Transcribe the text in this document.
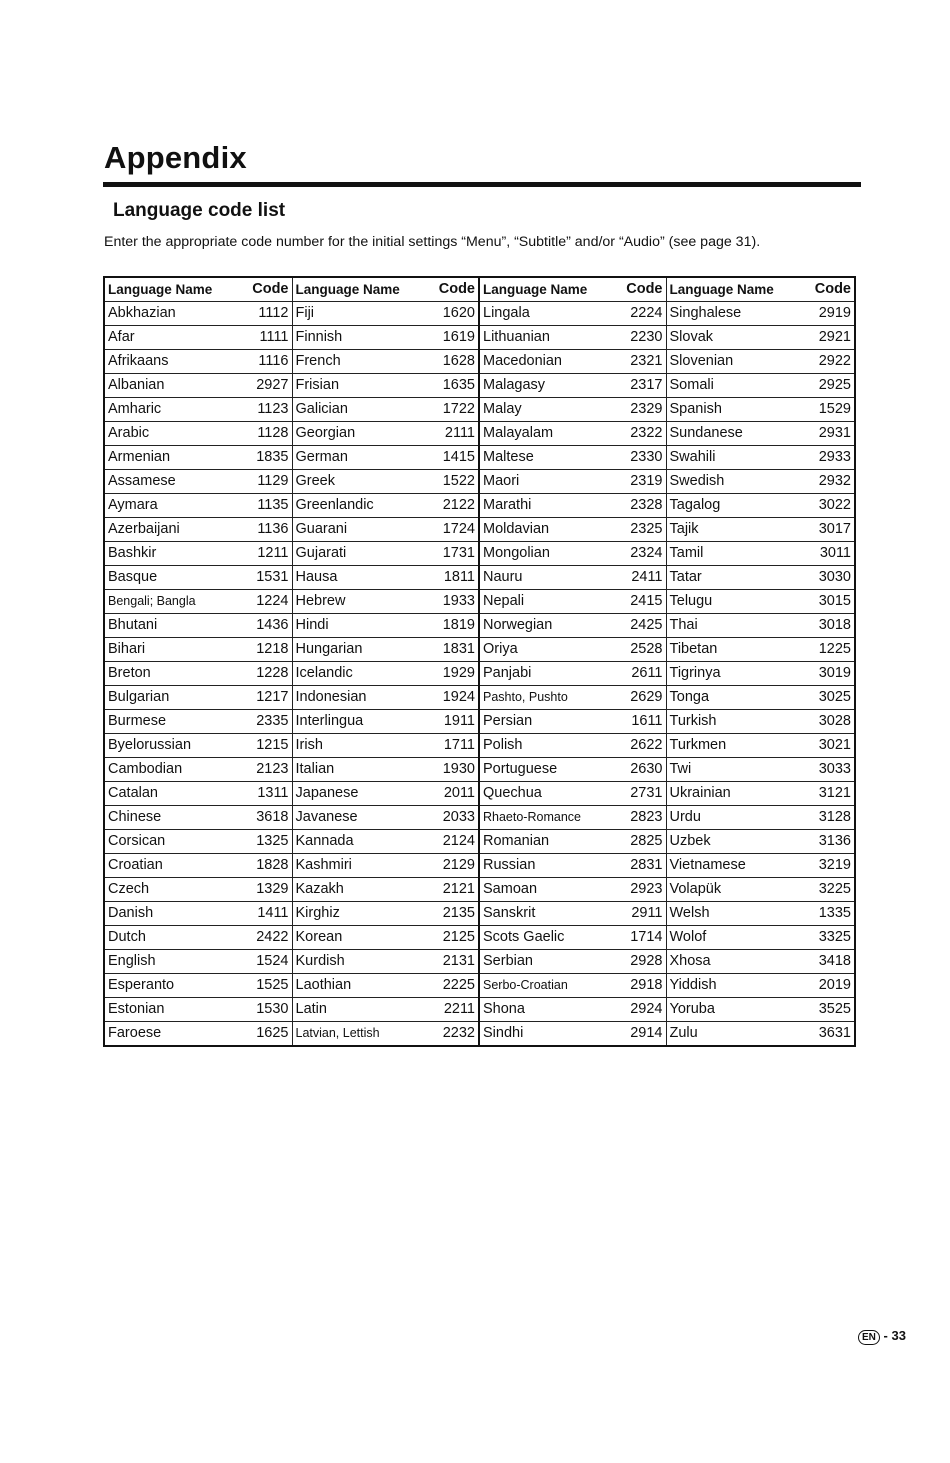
Appendix
Language code list

Enter the appropriate code number for the initial settings “Menu”, “Subtitle” and/or “Audio” (see page 31).

Language Name	Code	Language Name	Code	Language Name	Code	Language Name	Code
Abkhazian	1112	Fiji	1620	Lingala	2224	Singhalese	2919
Afar	1111	Finnish	1619	Lithuanian	2230	Slovak	2921
Afrikaans	1116	French	1628	Macedonian	2321	Slovenian	2922
Albanian	2927	Frisian	1635	Malagasy	2317	Somali	2925
Amharic	1123	Galician	1722	Malay	2329	Spanish	1529
Arabic	1128	Georgian	2111	Malayalam	2322	Sundanese	2931
Armenian	1835	German	1415	Maltese	2330	Swahili	2933
Assamese	1129	Greek	1522	Maori	2319	Swedish	2932
Aymara	1135	Greenlandic	2122	Marathi	2328	Tagalog	3022
Azerbaijani	1136	Guarani	1724	Moldavian	2325	Tajik	3017
Bashkir	1211	Gujarati	1731	Mongolian	2324	Tamil	3011
Basque	1531	Hausa	1811	Nauru	2411	Tatar	3030
Bengali; Bangla	1224	Hebrew	1933	Nepali	2415	Telugu	3015
Bhutani	1436	Hindi	1819	Norwegian	2425	Thai	3018
Bihari	1218	Hungarian	1831	Oriya	2528	Tibetan	1225
Breton	1228	Icelandic	1929	Panjabi	2611	Tigrinya	3019
Bulgarian	1217	Indonesian	1924	Pashto, Pushto	2629	Tonga	3025
Burmese	2335	Interlingua	1911	Persian	1611	Turkish	3028
Byelorussian	1215	Irish	1711	Polish	2622	Turkmen	3021
Cambodian	2123	Italian	1930	Portuguese	2630	Twi	3033
Catalan	1311	Japanese	2011	Quechua	2731	Ukrainian	3121
Chinese	3618	Javanese	2033	Rhaeto-Romance	2823	Urdu	3128
Corsican	1325	Kannada	2124	Romanian	2825	Uzbek	3136
Croatian	1828	Kashmiri	2129	Russian	2831	Vietnamese	3219
Czech	1329	Kazakh	2121	Samoan	2923	Volapük	3225
Danish	1411	Kirghiz	2135	Sanskrit	2911	Welsh	1335
Dutch	2422	Korean	2125	Scots Gaelic	1714	Wolof	3325
English	1524	Kurdish	2131	Serbian	2928	Xhosa	3418
Esperanto	1525	Laothian	2225	Serbo-Croatian	2918	Yiddish	2019
Estonian	1530	Latin	2211	Shona	2924	Yoruba	3525
Faroese	1625	Latvian, Lettish	2232	Sindhi	2914	Zulu	3631
EN - 33
